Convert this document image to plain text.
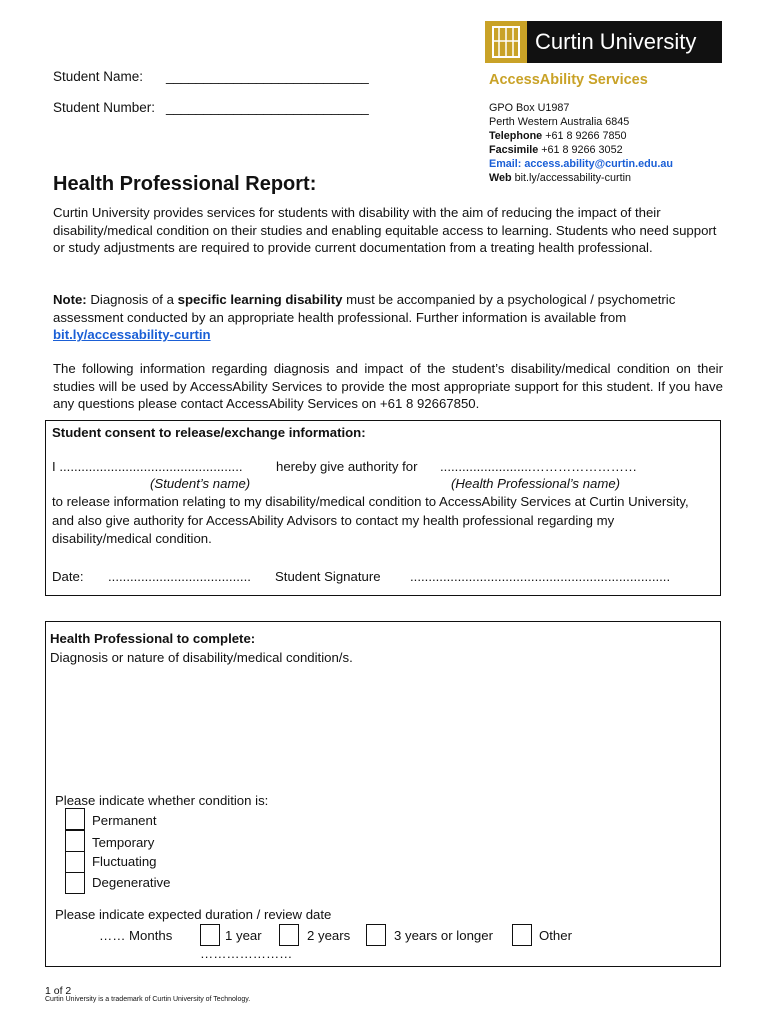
Curtin University
AccessAbility Services
GPO Box U1987
Perth Western Australia 6845
Telephone +61 8 9266 7850
Facsimile +61 8 9266 3052
Email: access.ability@curtin.edu.au
Web bit.ly/accessability-curtin
Student Name: ___________________________
Student Number: ___________________________
Health Professional Report:
Curtin University provides services for students with disability with the aim of reducing the impact of their disability/medical condition on their studies and enabling equitable access to learning. Students who need support or study adjustments are required to provide current documentation from a treating health professional.
Note: Diagnosis of a specific learning disability must be accompanied by a psychological / psychometric assessment conducted by an appropriate health professional. Further information is available from bit.ly/accessability-curtin
The following information regarding diagnosis and impact of the student’s disability/medical condition on their studies will be used by AccessAbility Services to provide the most appropriate support for this student. If you have any questions please contact AccessAbility Services on +61 8 92667850.
Student consent to release/exchange information:
I ..................................................	hereby give authority for .........................……………………
(Student’s name)	(Health Professional’s name)
to release information relating to my disability/medical condition to AccessAbility Services at Curtin University, and also give authority for AccessAbility Advisors to contact my health professional regarding my disability/medical condition.
Date: ....................................... Student Signature .......................................................................
Health Professional to complete:
Diagnosis or nature of disability/medical condition/s.
Please indicate whether condition is:
Permanent
Temporary
Fluctuating
Degenerative
Please indicate expected duration / review date
…… Months	1 year	2 years	3 years or longer	Other
…………………
1 of 2
Curtin University is a trademark of Curtin University of Technology.
